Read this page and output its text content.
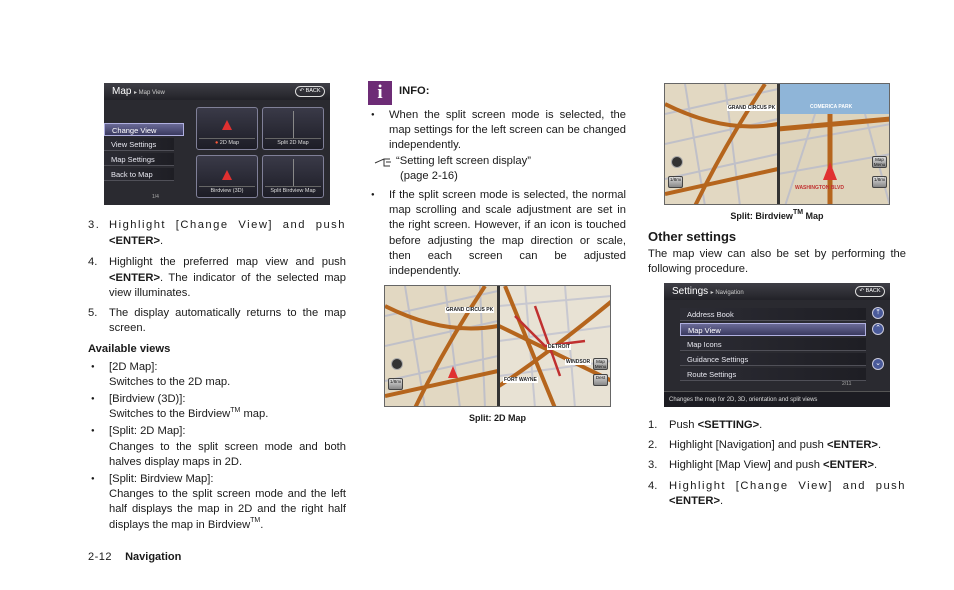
Map ▸ Map View	↶ BACK
Change View
View Settings
Map Settings
Back to Map
1/4
● 2D Map	Split 2D Map
Birdview (3D)	Split Birdview Map
3. Highlight [Change View] and push
<ENTER>.
4. Highlight the preferred map view and push <ENTER>. The indicator of the selected map view illuminates.
5. The display automatically returns to the map screen.
Available views
● [2D Map]:
Switches to the 2D map.
● [Birdview (3D)]:
Switches to the Birdview™ map.
● [Split: 2D Map]:
Changes to the split screen mode and both halves display maps in 2D.
● [Split: Birdview Map]:
Changes to the split screen mode and the left half displays the map in 2D and the right half displays the map in Birdview™.
2-12 Navigation
i	INFO:
● When the split screen mode is selected, the map settings for the left screen can be changed independently.
“Setting left screen display”
(page 2-16)
● If the split screen mode is selected, the normal map scrolling and scale adjustment are set in the right screen. However, if an icon is touched before adjusting the map direction or scale, then each screen can be adjusted independently.
GRAND CIRCUS PK
DETROIT
WINDSOR
FORT WAYNE
Map Menu
Dest
1/8mi
Split: 2D Map
GRAND CIRCUS PK	COMERICA PARK
WASHINGTON BLVD
Map Menu
1/8mi
1/8mi
Split: Birdview™ Map
Other settings
The map view can also be set by performing the following procedure.
Settings ▸ Navigation	↶ BACK
Address Book
Map View
Map Icons
Guidance Settings
Route Settings
2/11
⤒
⌃
⌄
Changes the map for 2D, 3D, orientation and split views
1. Push <SETTING>.
2. Highlight [Navigation] and push <ENTER>.
3. Highlight [Map View] and push <ENTER>.
4. Highlight [Change View] and push <ENTER>.
